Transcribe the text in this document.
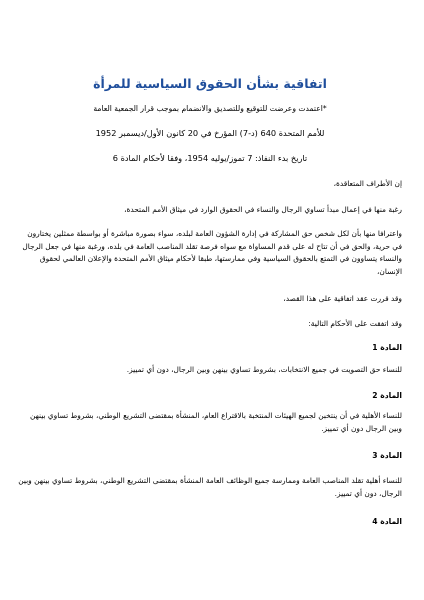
اتفاقية بشأن الحقوق السياسية للمرأة
*اعتمدت وعرضت للتوقيع وللتصديق والانضمام بموجب قرار الجمعية العامة
للأمم المتحدة 640 (د-7) المؤرخ في 20 كانون الأول/ديسمبر 1952
تاريخ بدء النفاذ: 7 تموز/يوليه 1954، وفقا لأحكام المادة 6
إن الأطراف المتعاقدة،
رغبة منها في إعمال مبدأ تساوي الرجال والنساء في الحقوق الوارد في ميثاق الأمم المتحدة،
واعترافا منها بأن لكل شخص حق المشاركة في إدارة الشؤون العامة لبلده، سواء بصورة مباشرة أو بواسطة ممثلين يختارون في حرية، والحق في أن تتاح له على قدم المساواة مع سواه فرصة تقلد المناصب العامة في بلده، ورغبة منها في جعل الرجال والنساء يتساوون في التمتع بالحقوق السياسية وفي ممارستها، طبقا لأحكام ميثاق الأمم المتحدة والإعلان العالمي لحقوق الإنسان،
وقد قررت عقد اتفاقية على هذا القصد،
وقد اتفقت على الأحكام التالية:
المادة 1
للنساء حق التصويت في جميع الانتخابات، بشروط تساوي بينهن وبين الرجال، دون أي تمييز.
المادة 2
للنساء الأهلية في أن ينتخبن لجميع الهيئات المنتخبة بالاقتراع العام، المنشأة بمقتضى التشريع الوطني، بشروط تساوي بينهن وبين الرجال دون أي تمييز.
المادة 3
للنساء أهلية تقلد المناصب العامة وممارسة جميع الوظائف العامة المنشأة بمقتضى التشريع الوطني، بشروط تساوي بينهن وبين الرجال، دون أي تمييز.
المادة 4
